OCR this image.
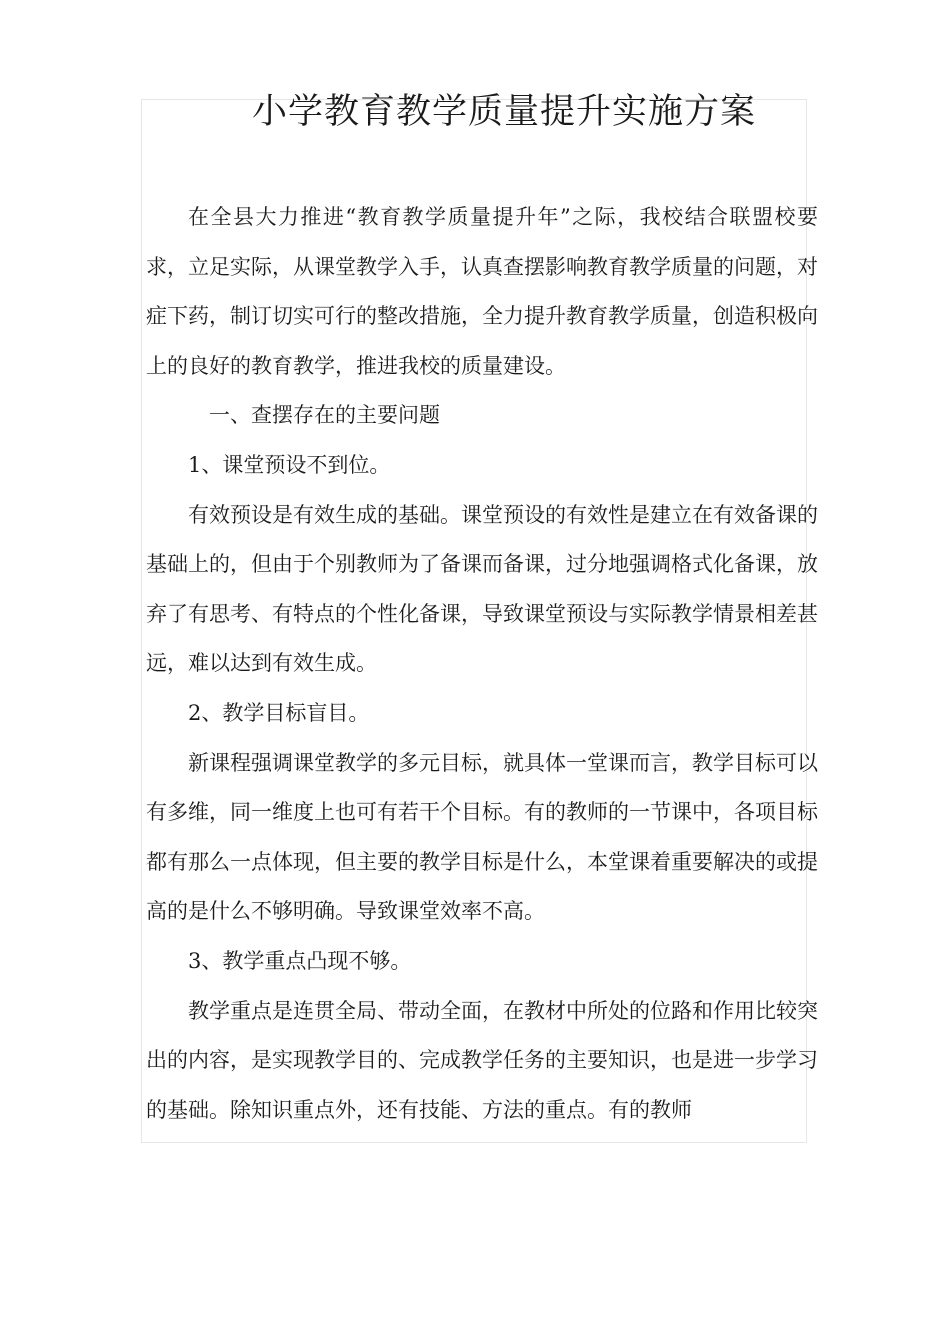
小学教育教学质量提升实施方案

在全县大力推进“教育教学质量提升年”之际，我校结合联盟校要求，立足实际，从课堂教学入手，认真查摆影响教育教学质量的问题，对症下药，制订切实可行的整改措施，全力提升教育教学质量，创造积极向上的良好的教育教学，推进我校的质量建设。

一、查摆存在的主要问题

1、课堂预设不到位。

有效预设是有效生成的基础。课堂预设的有效性是建立在有效备课的基础上的，但由于个别教师为了备课而备课，过分地强调格式化备课，放弃了有思考、有特点的个性化备课，导致课堂预设与实际教学情景相差甚远，难以达到有效生成。

2、教学目标盲目。

新课程强调课堂教学的多元目标，就具体一堂课而言，教学目标可以有多维，同一维度上也可有若干个目标。有的教师的一节课中，各项目标都有那么一点体现，但主要的教学目标是什么，本堂课着重要解决的或提高的是什么不够明确。导致课堂效率不高。

3、教学重点凸现不够。

教学重点是连贯全局、带动全面，在教材中所处的位路和作用比较突出的内容，是实现教学目的、完成教学任务的主要知识，也是进一步学习的基础。除知识重点外，还有技能、方法的重点。有的教师
